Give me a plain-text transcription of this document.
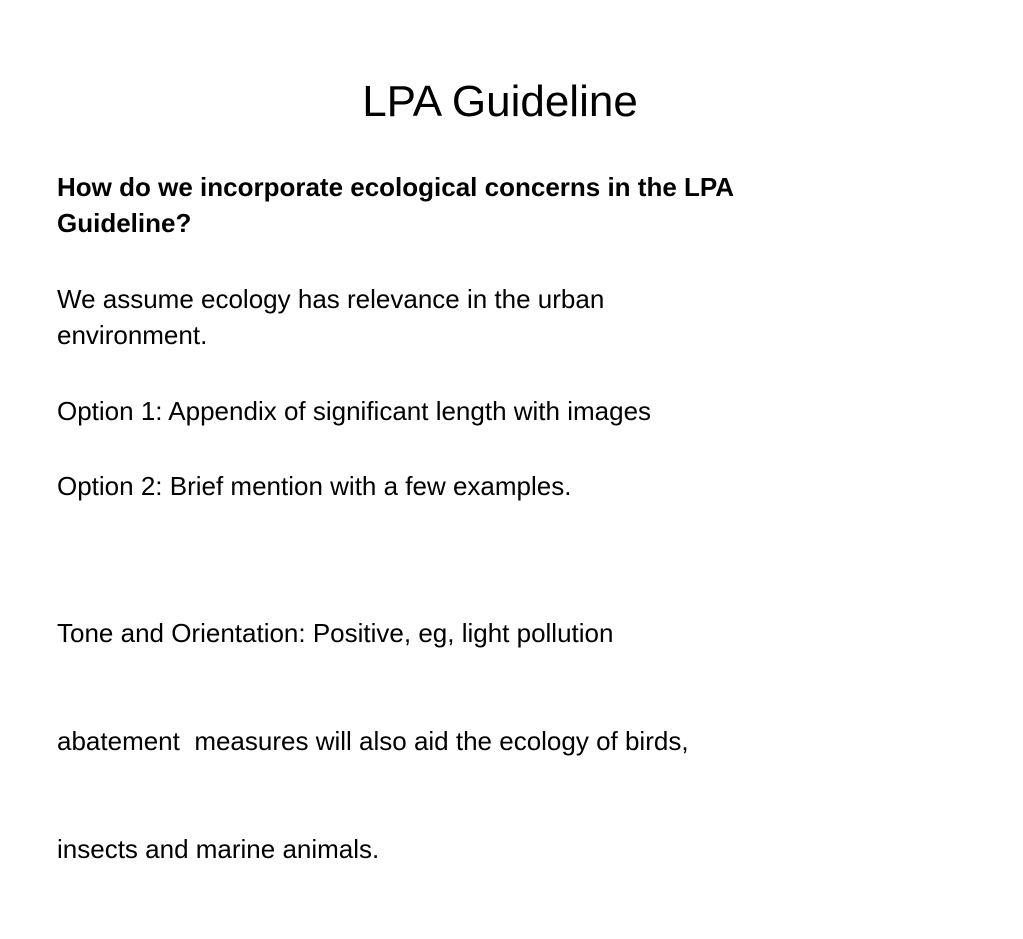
LPA Guideline
How do we incorporate ecological concerns in the LPA
Guideline?
We assume ecology has relevance in the urban
environment.
Option 1: Appendix of significant length with images
Option 2: Brief mention with a few examples.

Tone and Orientation: Positive, eg, light pollution

abatement  measures will also aid the ecology of birds,

insects and marine animals.
